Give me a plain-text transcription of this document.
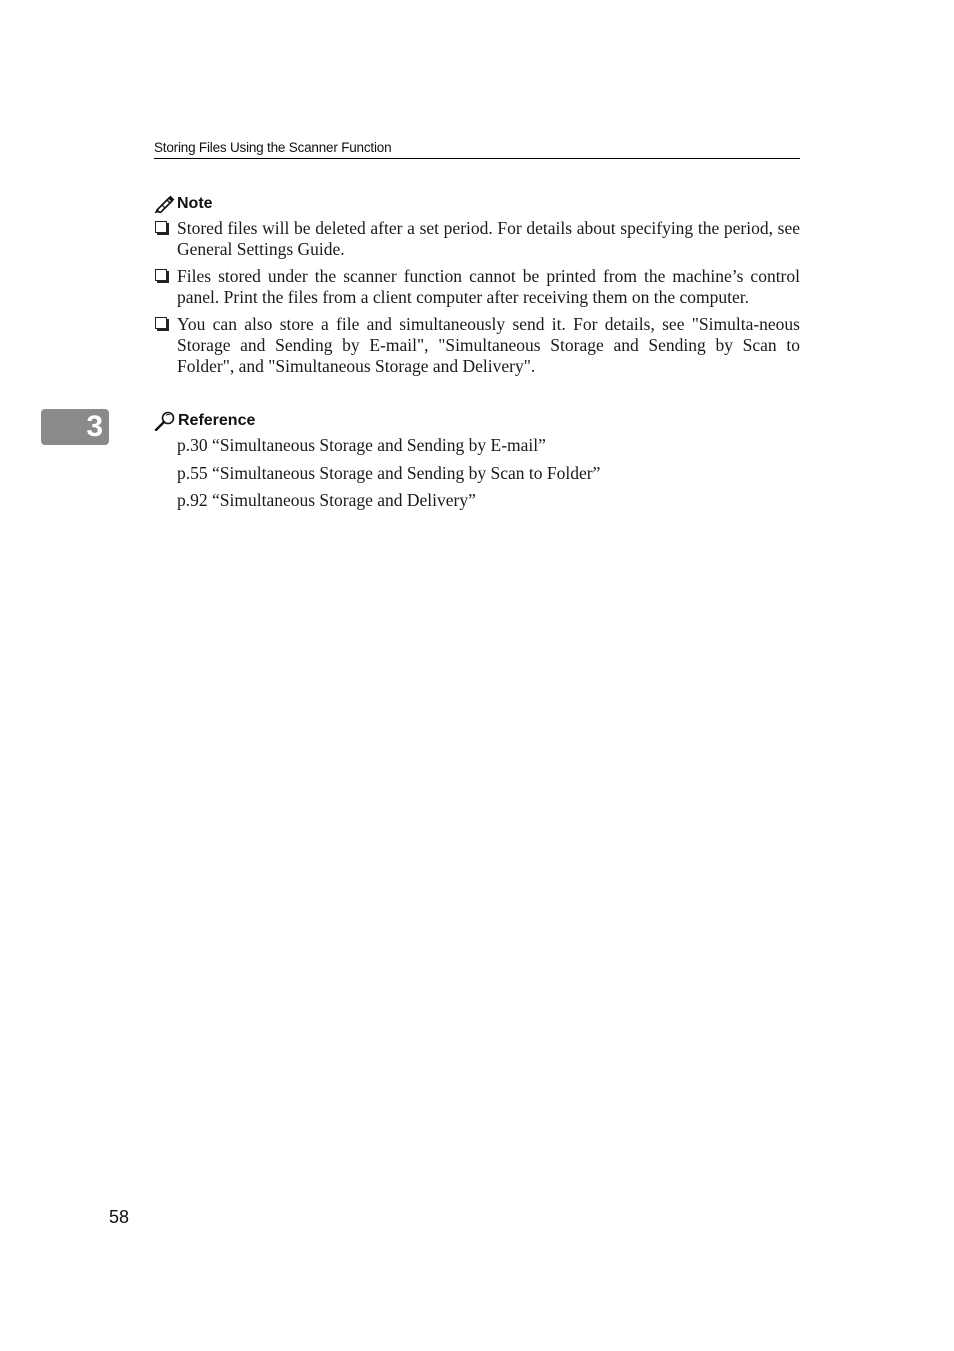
Storing Files Using the Scanner Function
3
Note
Stored files will be deleted after a set period. For details about specifying the period, see General Settings Guide.
Files stored under the scanner function cannot be printed from the machine’s control panel. Print the files from a client computer after receiving them on the computer.
You can also store a file and simultaneously send it. For details, see "Simulta-neous Storage and Sending by E-mail", "Simultaneous Storage and Sending by Scan to Folder", and "Simultaneous Storage and Delivery".
Reference
p.30 “Simultaneous Storage and Sending by E-mail”
p.55 “Simultaneous Storage and Sending by Scan to Folder”
p.92 “Simultaneous Storage and Delivery”
58
